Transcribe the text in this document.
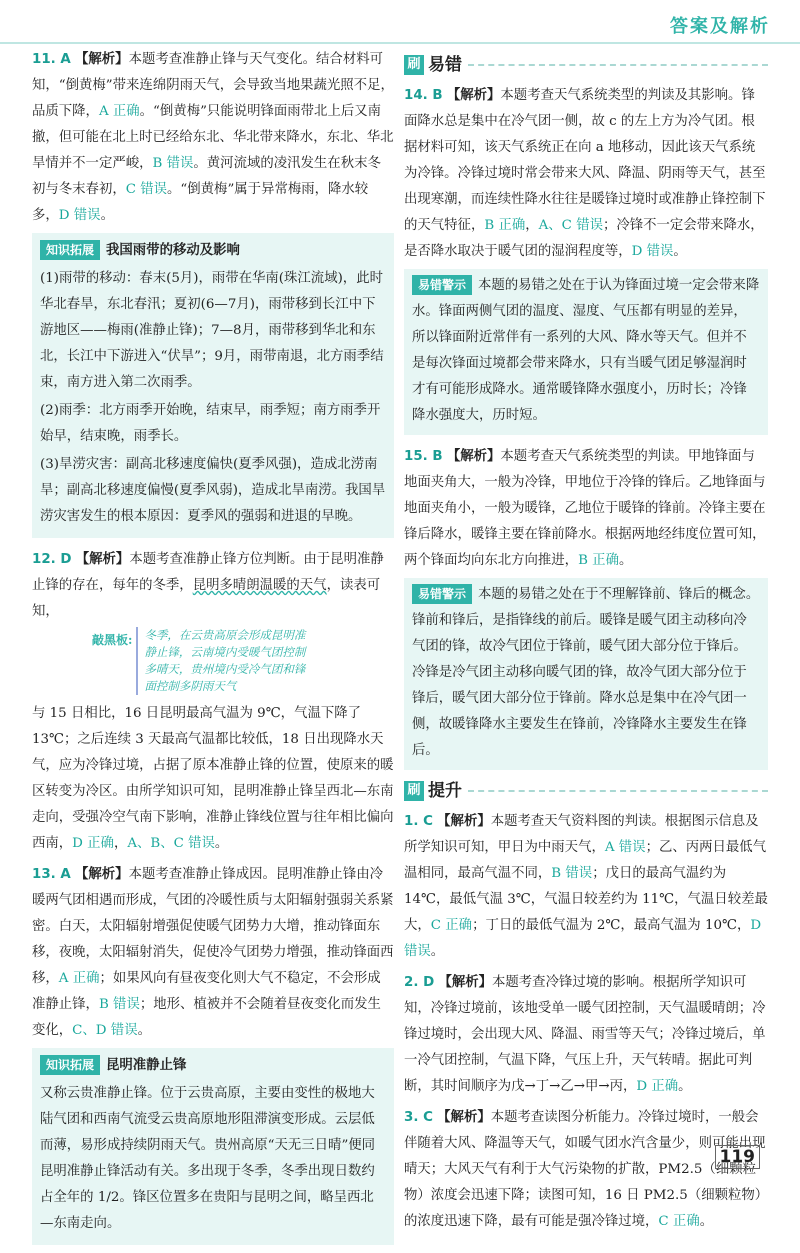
答案及解析
11. A 【解析】本题考查准静止锋与天气变化。结合材料可知，“倒黄梅”带来连绵阴雨天气，会导致当地果蔬光照不足，品质下降，A 正确。“倒黄梅”只能说明锋面雨带北上后又南撤，但可能在北上时已经给东北、华北带来降水，东北、华北旱情并不一定严峻，B 错误。黄河流域的凌汛发生在秋末冬初与冬末春初，C 错误。“倒黄梅”属于异常梅雨，降水较多，D 错误。
知识拓展 我国雨带的移动及影响

(1)雨带的移动：春末(5月)，雨带在华南(珠江流域)，此时华北春旱，东北春汛；夏初(6—7月)，雨带移到长江中下游地区——梅雨(准静止锋)；7—8月，雨带移到华北和东北，长江中下游进入“伏旱”；9月，雨带南退，北方雨季结束，南方进入第二次雨季。

(2)雨季：北方雨季开始晚，结束早，雨季短；南方雨季开始早，结束晚，雨季长。

(3)旱涝灾害：副高北移速度偏快(夏季风强)，造成北涝南旱；副高北移速度偏慢(夏季风弱)，造成北旱南涝。我国旱涝灾害发生的根本原因：夏季风的强弱和进退的早晚。

12. D 【解析】本题考查准静止锋方位判断。由于昆明准静止锋的存在，每年的冬季，昆明多晴朗温暖的天气，读表可知，
敲黑板:	冬季，在云贵高原会形成昆明准静止锋，云南境内受暖气团控制多晴天，贵州境内受冷气团和锋面控制多阴雨天气
与 15 日相比，16 日昆明最高气温为 9℃，气温下降了 13℃；之后连续 3 天最高气温都比较低，18 日出现降水天气，应为冷锋过境，占据了原本准静止锋的位置，使原来的暖区转变为冷区。由所学知识可知，昆明准静止锋呈西北—东南走向，受强冷空气南下影响，准静止锋线位置与往年相比偏向西南，D 正确，A、B、C 错误。
13. A 【解析】本题考查准静止锋成因。昆明准静止锋由冷暖两气团相遇而形成，气团的冷暖性质与太阳辐射强弱关系紧密。白天，太阳辐射增强促使暖气团势力大增，推动锋面东移，夜晚，太阳辐射消失，促使冷气团势力增强，推动锋面西移，A 正确；如果风向有昼夜变化则大气不稳定，不会形成准静止锋，B 错误；地形、植被并不会随着昼夜变化而发生变化，C、D 错误。
知识拓展 昆明准静止锋

又称云贵准静止锋。位于云贵高原，主要由变性的极地大陆气团和西南气流受云贵高原地形阻滞演变形成。云层低而薄，易形成持续阴雨天气。贵州高原“天无三日晴”便同昆明准静止锋活动有关。多出现于冬季，冬季出现日数约占全年的 1/2。锋区位置多在贵阳与昆明之间，略呈西北—东南走向。

刷 易错
14. B 【解析】本题考查天气系统类型的判读及其影响。锋面降水总是集中在冷气团一侧，故 c 的左上方为冷气团。根据材料可知，该天气系统正在向 a 地移动，因此该天气系统为冷锋。冷锋过境时常会带来大风、降温、阴雨等天气，甚至出现寒潮，而连续性降水往往是暖锋过境时或准静止锋控制下的天气特征，B 正确，A、C 错误；冷锋不一定会带来降水，是否降水取决于暖气团的湿润程度等，D 错误。
易错警示 本题的易错之处在于认为锋面过境一定会带来降水。锋面两侧气团的温度、湿度、气压都有明显的差异，所以锋面附近常伴有一系列的大风、降水等天气。但并不是每次锋面过境都会带来降水，只有当暖气团足够湿润时才有可能形成降水。通常暖锋降水强度小，历时长；冷锋降水强度大，历时短。
15. B 【解析】本题考查天气系统类型的判读。甲地锋面与地面夹角大，一般为冷锋，甲地位于冷锋的锋后。乙地锋面与地面夹角小，一般为暖锋，乙地位于暖锋的锋前。冷锋主要在锋后降水，暖锋主要在锋前降水。根据两地经纬度位置可知，两个锋面均向东北方向推进，B 正确。
易错警示 本题的易错之处在于不理解锋前、锋后的概念。锋前和锋后，是指锋线的前后。暖锋是暖气团主动移向冷气团的锋，故冷气团位于锋前，暖气团大部分位于锋后。冷锋是冷气团主动移向暖气团的锋，故冷气团大部分位于锋后，暖气团大部分位于锋前。降水总是集中在冷气团一侧，故暖锋降水主要发生在锋前，冷锋降水主要发生在锋后。
刷 提升
1. C 【解析】本题考查天气资料图的判读。根据图示信息及所学知识可知，甲日为中雨天气，A 错误；乙、丙两日最低气温相同，最高气温不同，B 错误；戊日的最高气温约为 14℃，最低气温 3℃，气温日较差约为 11℃，气温日较差最大，C 正确；丁日的最低气温为 2℃，最高气温为 10℃，D 错误。
2. D 【解析】本题考查冷锋过境的影响。根据所学知识可知，冷锋过境前，该地受单一暖气团控制，天气温暖晴朗；冷锋过境时，会出现大风、降温、雨雪等天气；冷锋过境后，单一冷气团控制，气温下降，气压上升，天气转晴。据此可判断，其时间顺序为戊→丁→乙→甲→丙，D 正确。
3. C 【解析】本题考查读图分析能力。冷锋过境时，一般会伴随着大风、降温等天气，如暖气团水汽含量少，则可能出现晴天；大风天气有利于大气污染物的扩散，PM2.5（细颗粒物）浓度会迅速下降；读图可知，16 日 PM2.5（细颗粒物）的浓度迅速下降，最有可能是强冷锋过境，C 正确。
119
